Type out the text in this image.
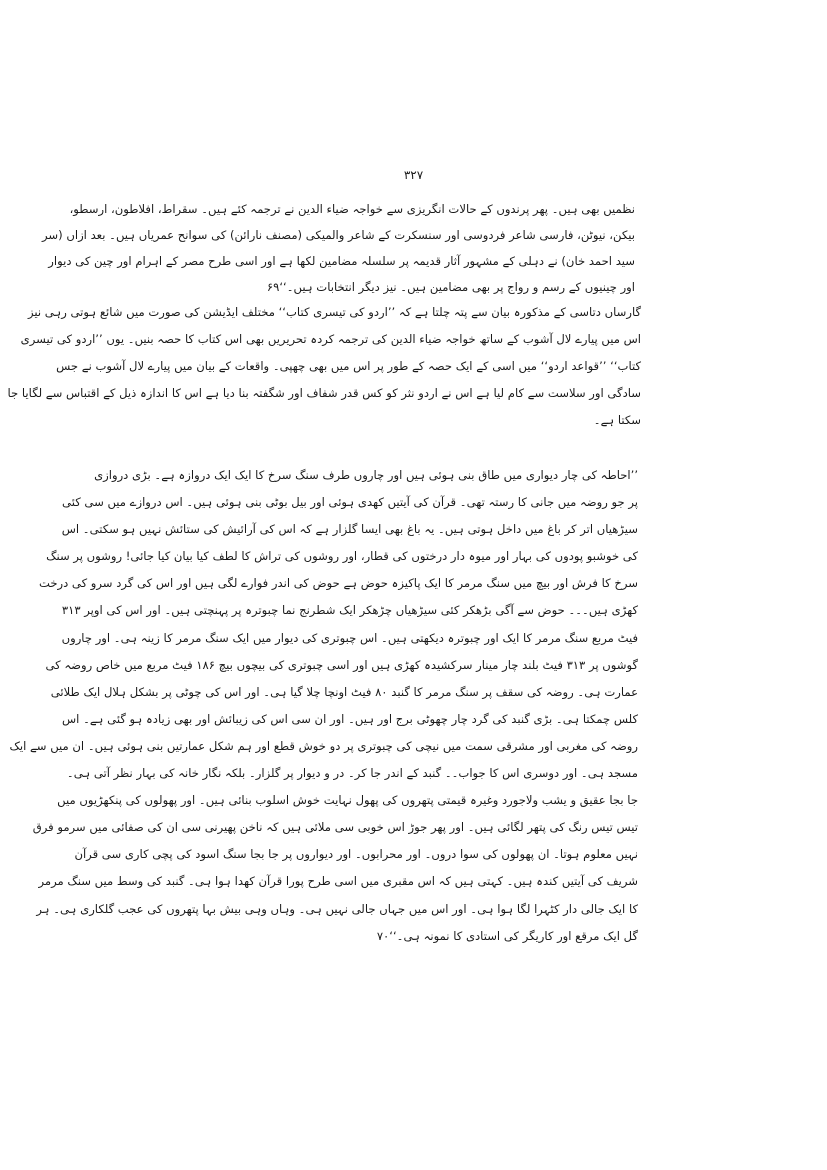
۳۲۷
نظمیں بھی ہیں۔ پھر پرندوں کے حالات انگریزی سے خواجہ ضیاء الدین نے ترجمہ کئے ہیں۔ سقراط، افلاطون، ارسطو،
بیکن، نیوٹن، فارسی شاعر فردوسی اور سنسکرت کے شاعر والمیکی (مصنف نارائن) کی سوانح عمریاں ہیں۔ بعد ازاں (سر
سید احمد خان) نے دہلی کے مشہور آثار قدیمہ پر سلسلہ مضامین لکھا ہے اور اسی طرح مصر کے اہرام اور چین کی دیوار
اور چینیوں کے رسم و رواج پر بھی مضامین ہیں۔ نیز دیگر انتخابات ہیں۔‘‘۶۹
گارساں دتاسی کے مذکورہ بیان سے پتہ چلتا ہے کہ ’’اردو کی تیسری کتاب‘‘ مختلف ایڈیشن کی صورت میں شائع ہوتی رہی نیز
اس میں پیارے لال آشوب کے ساتھ خواجہ ضیاء الدین کی ترجمہ کردہ تحریریں بھی اس کتاب کا حصہ بنیں۔ یوں ’’اردو کی تیسری
کتاب‘‘ ’’قواعد اردو‘‘ میں اسی کے ایک حصہ کے طور پر اس میں بھی چھپی۔ واقعات کے بیان میں پیارے لال آشوب نے جس
سادگی اور سلاست سے کام لیا ہے اس نے اردو نثر کو کس قدر شفاف اور شگفتہ بنا دیا ہے اس کا اندازہ ذیل کے اقتباس سے لگایا جا
سکتا ہے۔
’’احاطہ کی چار دیواری میں طاق بنی ہوئی ہیں اور چاروں طرف سنگ سرخ کا ایک ایک دروازہ ہے۔ بڑی دروازی
پر جو روضہ میں جانی کا رستہ تھی۔ قرآن کی آیتیں کھدی ہوئی اور بیل بوٹی بنی ہوئی ہیں۔ اس دروازے میں سی کئی
سیڑھیاں اتر کر باغ میں داخل ہوتی ہیں۔ یہ باغ بھی ایسا گلزار ہے کہ اس کی آرائیش کی ستائش نہیں ہو سکتی۔ اس
کی خوشبو پودوں کی بہار اور میوہ دار درختوں کی قطار، اور روشوں کی تراش کا لطف کیا بیان کیا جائی! روشوں پر سنگ
سرخ کا فرش اور بیچ میں سنگ مرمر کا ایک پاکیزہ حوض ہے حوض کی اندر فوارے لگی ہیں اور اس کی گرد سرو کی درخت
کھڑی ہیں۔۔۔ حوض سے آگی بڑھکر کئی سیڑھیاں چڑھکر ایک شطرنج نما چبوترہ پر پہنچتی ہیں۔ اور اس کی اوپر ۳۱۳
فیٹ مربع سنگ مرمر کا ایک اور چبوترہ دیکھتی ہیں۔ اس چبوتری کی دیوار میں ایک سنگ مرمر کا زینہ ہی۔ اور چاروں
گوشوں پر ۳۱۳ فیٹ بلند چار مینار سرکشیدہ کھڑی ہیں اور اسی چبوتری کی بیچوں بیچ ۱۸۶ فیٹ مربع میں خاص روضہ کی
عمارت ہی۔ روضہ کی سقف پر سنگ مرمر کا گنبد ۸۰ فیٹ اونچا چلا گیا ہی۔ اور اس کی چوٹی پر بشکل ہلال ایک طلائی
کلس چمکتا ہی۔ بڑی گنبد کی گرد چار چھوٹی برج اور ہیں۔ اور ان سی اس کی زیبائش اور بھی زیادہ ہو گئی ہے۔ اس
روضہ کی مغربی اور مشرقی سمت میں نیچی کی چبوتری پر دو خوش قطع اور ہم شکل عمارتیں بنی ہوئی ہیں۔ ان میں سے ایک
مسجد ہی۔ اور دوسری اس کا جواب۔۔ گنبد کے اندر جا کر۔ در و دیوار پر گلزار۔ بلکہ نگار خانہ کی بہار نظر آتی ہی۔
جا بجا عقیق و یشب ولاجورد وغیرہ قیمتی پتھروں کی پھول نہایت خوش اسلوب بنائی ہیں۔ اور پھولوں کی پنکھڑیوں میں
تیس تیس رنگ کی پتھر لگائی ہیں۔ اور پھر جوڑ اس خوبی سی ملائی ہیں کہ ناخن پھیرنی سی ان کی صفائی میں سرمو فرق
نہیں معلوم ہوتا۔ ان پھولوں کی سوا دروں۔ اور محرابوں۔ اور دیواروں پر جا بجا سنگ اسود کی پچی کاری سی قرآن
شریف کی آیتیں کندہ ہیں۔ کہتی ہیں کہ اس مقبری میں اسی طرح پورا قرآن کھدا ہوا ہی۔ گنبد کی وسط میں سنگ مرمر
کا ایک جالی دار کٹہرا لگا ہوا ہی۔ اور اس میں جہاں جالی نہیں ہی۔ وہاں وہی بیش بہا پتھروں کی عجب گلکاری ہی۔ ہر
گل ایک مرقع اور کاریگر کی استادی کا نمونہ ہی۔‘‘۷۰
